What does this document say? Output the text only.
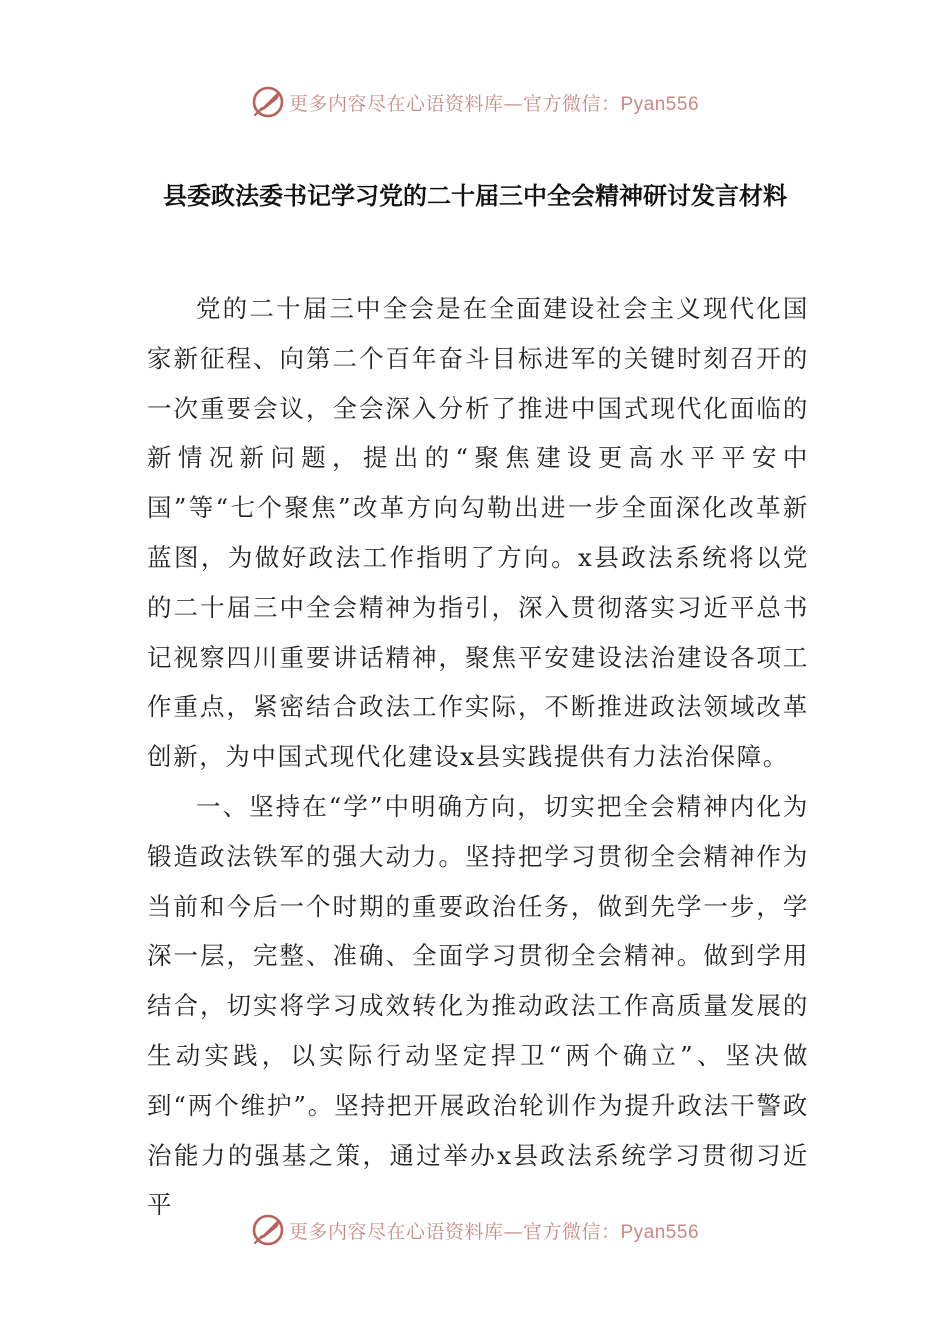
更多内容尽在心语资料库—官方微信：Pyan556
县委政法委书记学习党的二十届三中全会精神研讨发言材料

党的二十届三中全会是在全面建设社会主义现代化国家新征程、向第二个百年奋斗目标进军的关键时刻召开的一次重要会议，全会深入分析了推进中国式现代化面临的新情况新问题，提出的“聚焦建设更高水平平安中国”等“七个聚焦”改革方向勾勒出进一步全面深化改革新蓝图，为做好政法工作指明了方向。x县政法系统将以党的二十届三中全会精神为指引，深入贯彻落实习近平总书记视察四川重要讲话精神，聚焦平安建设法治建设各项工作重点，紧密结合政法工作实际，不断推进政法领域改革创新，为中国式现代化建设x县实践提供有力法治保障。

一、坚持在“学”中明确方向，切实把全会精神内化为锻造政法铁军的强大动力。坚持把学习贯彻全会精神作为当前和今后一个时期的重要政治任务，做到先学一步，学深一层，完整、准确、全面学习贯彻全会精神。做到学用结合，切实将学习成效转化为推动政法工作高质量发展的生动实践，以实际行动坚定捍卫“两个确立”、坚决做到“两个维护”。坚持把开展政治轮训作为提升政法干警政治能力的强基之策，通过举办x县政法系统学习贯彻习近平

更多内容尽在心语资料库—官方微信：Pyan556
